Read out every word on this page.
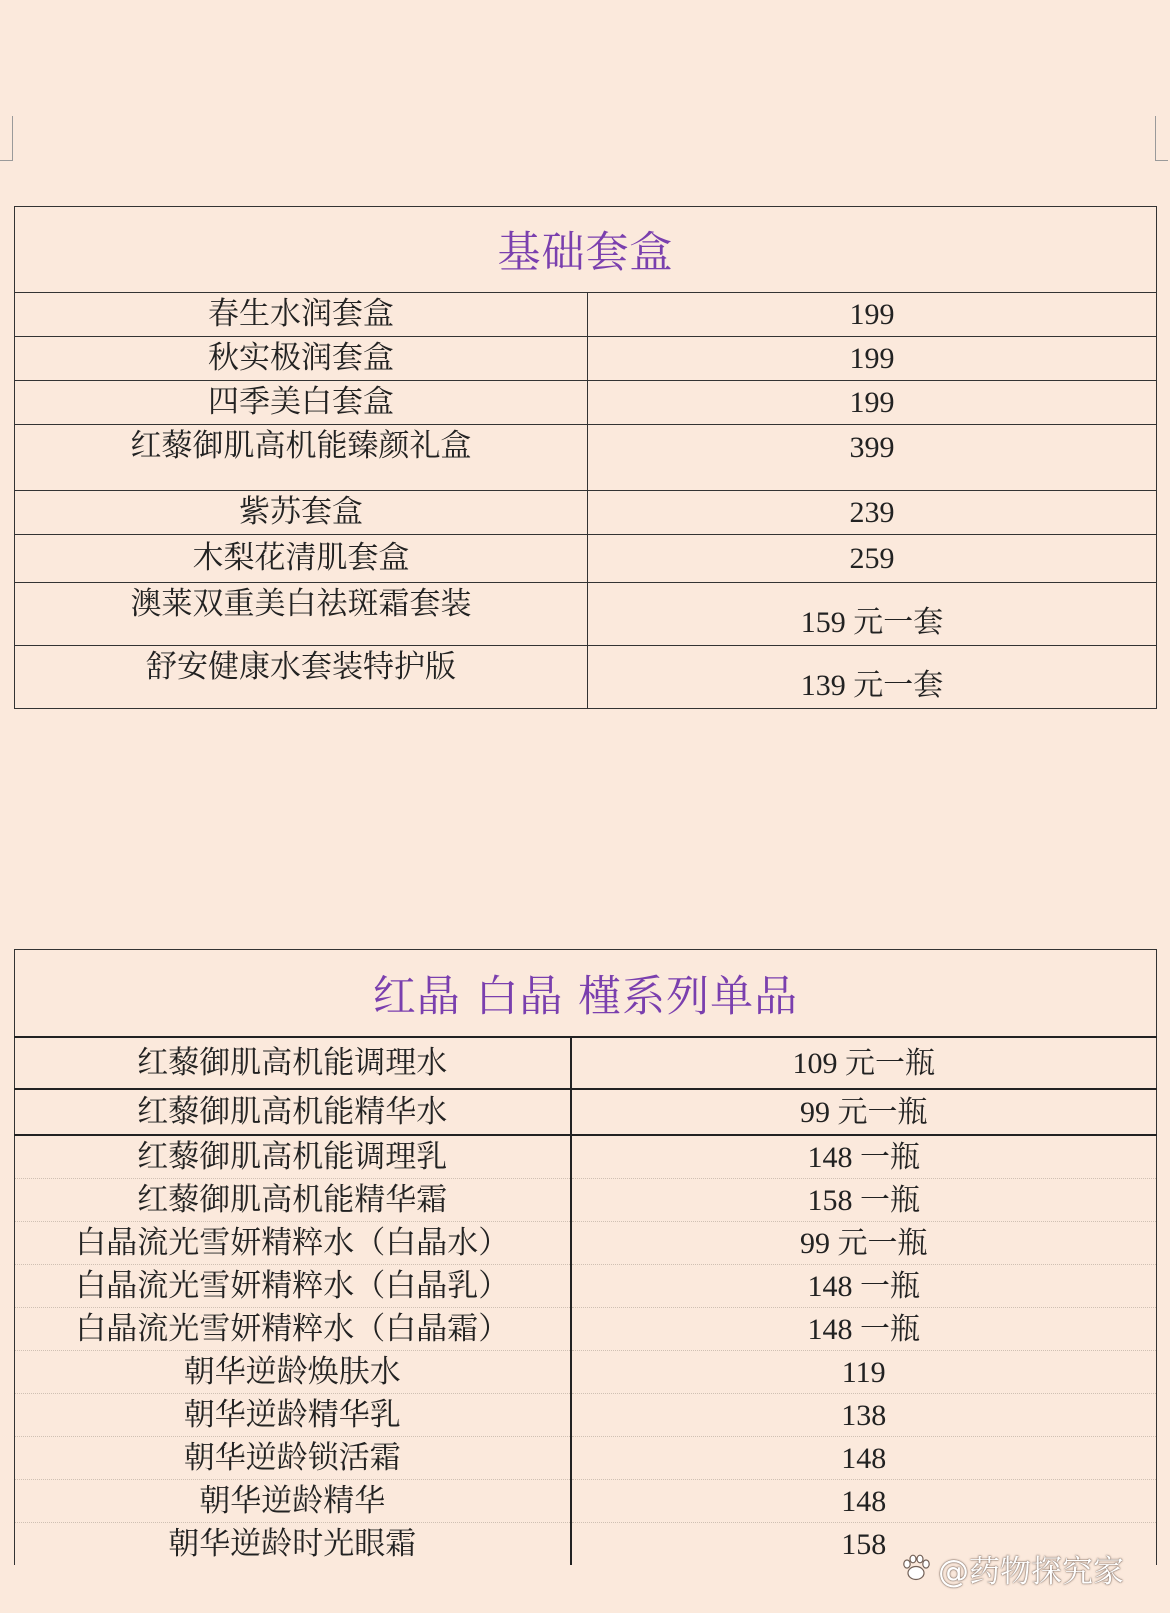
基础套盒	
春生水润套盒	199
秋实极润套盒	199
四季美白套盒	199
红藜御肌高机能臻颜礼盒	399
紫苏套盒	239
木梨花清肌套盒	259
澳莱双重美白祛斑霜套装	159 元一套
舒安健康水套装特护版	139 元一套
红晶 白晶 槿系列单品	
红藜御肌高机能调理水	109 元一瓶
红藜御肌高机能精华水	99 元一瓶
红藜御肌高机能调理乳	148 一瓶
红藜御肌高机能精华霜	158 一瓶
白晶流光雪妍精粹水（白晶水）	99 元一瓶
白晶流光雪妍精粹水（白晶乳）	148 一瓶
白晶流光雪妍精粹水（白晶霜）	148 一瓶
朝华逆龄焕肤水	119
朝华逆龄精华乳	138
朝华逆龄锁活霜	148
朝华逆龄精华	148
朝华逆龄时光眼霜	158
@药物探究家
